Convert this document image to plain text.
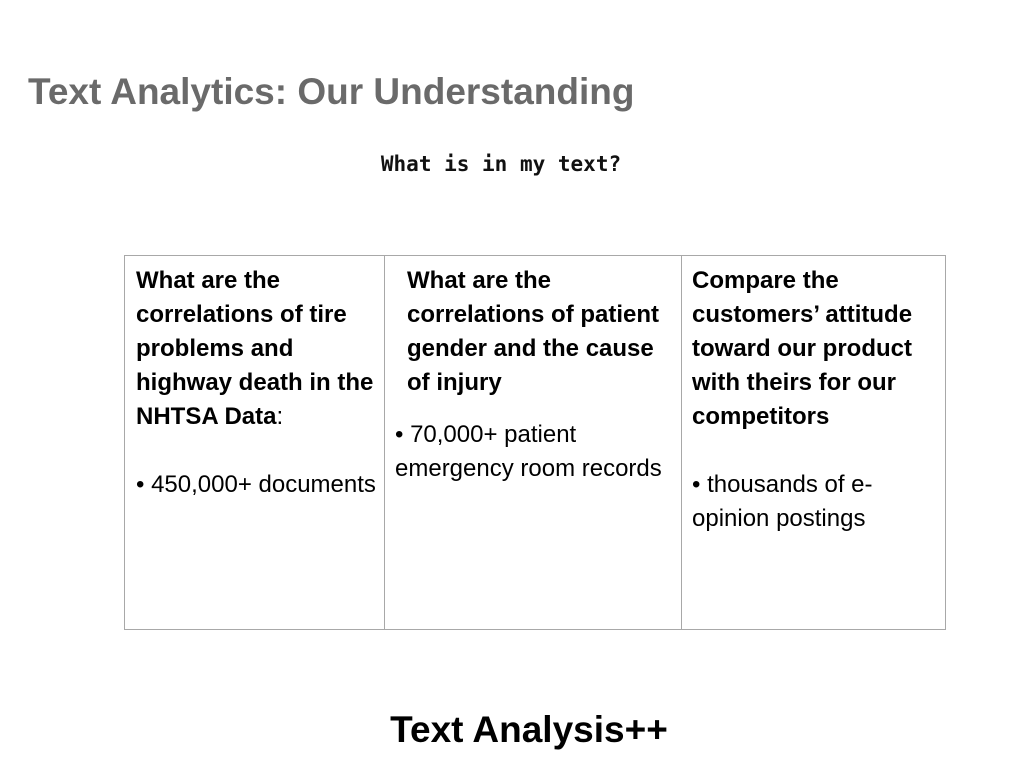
Text Analytics: Our Understanding
What is in my text?
What are the correlations of tire problems and highway death in the NHTSA Data:
• 450,000+ documents
What are the correlations of patient gender and the cause of injury
• 70,000+ patient emergency room records
Compare the customers’ attitude toward our product with theirs for our competitors
• thousands of e-opinion postings
Text Analysis++
